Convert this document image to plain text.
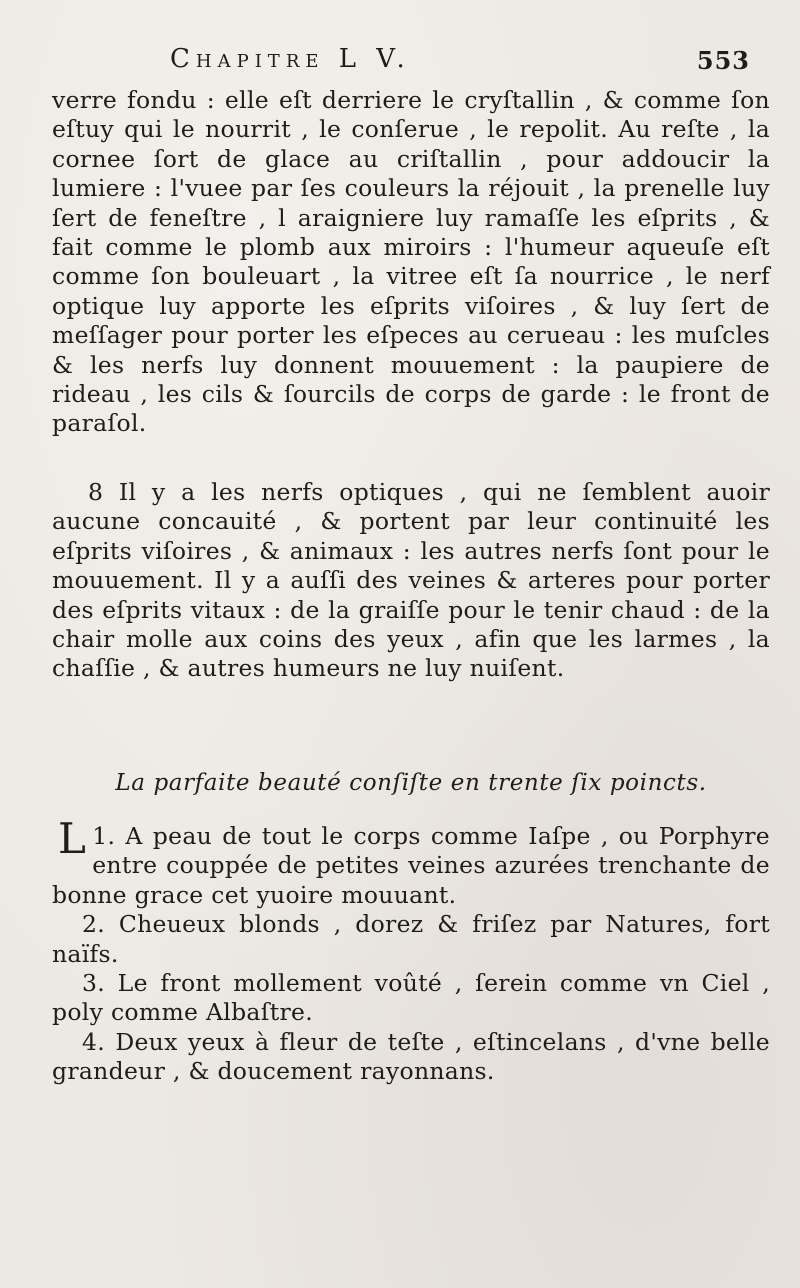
Chapitre L V.	553

verre fondu : elle eſt derriere le cryſtallin , & comme ſon eſtuy qui le nourrit , le conſerue , le repolit. Au reſte , la cornee ſort de glace au criſtallin , pour addoucir la lumiere : l'vuee par ſes couleurs la réjouit , la prenelle luy ſert de feneſtre , l araigniere luy ramaſſe les eſprits , & fait comme le plomb aux miroirs : l'humeur aqueuſe eſt comme ſon bouleuart , la vitree eſt ſa nourrice , le nerf optique luy apporte les eſprits viſoires , & luy ſert de meſſager pour porter les eſpeces au cerueau : les muſcles & les nerfs luy donnent mouuement : la paupiere de rideau , les cils & ſourcils de corps de garde : le front de paraſol.

8 Il y a les nerfs optiques , qui ne ſemblent auoir aucune concauité , & portent par leur continuité les eſprits viſoires , & animaux : les autres nerfs ſont pour le mouuement. Il y a auſſi des veines & arteres pour porter des eſprits vitaux : de la graiſſe pour le tenir chaud : de la chair molle aux coins des yeux , afin que les larmes , la chaſſie , & autres humeurs ne luy nuiſent.

La parfaite beauté conſiſte en trente ſix poincts.

1.
L A peau de tout le corps comme Iaſpe , ou Porphyre entre couppée de petites veines azurées trenchante de bonne grace cet yuoire mouuant.

2. Cheueux blonds , dorez & friſez par Natures, fort naïfs.

3. Le front mollement voûté , ſerein comme vn Ciel , poly comme Albaſtre.

4. Deux yeux à fleur de teſte , eſtincelans , d'vne belle grandeur , & doucement rayonnans.
